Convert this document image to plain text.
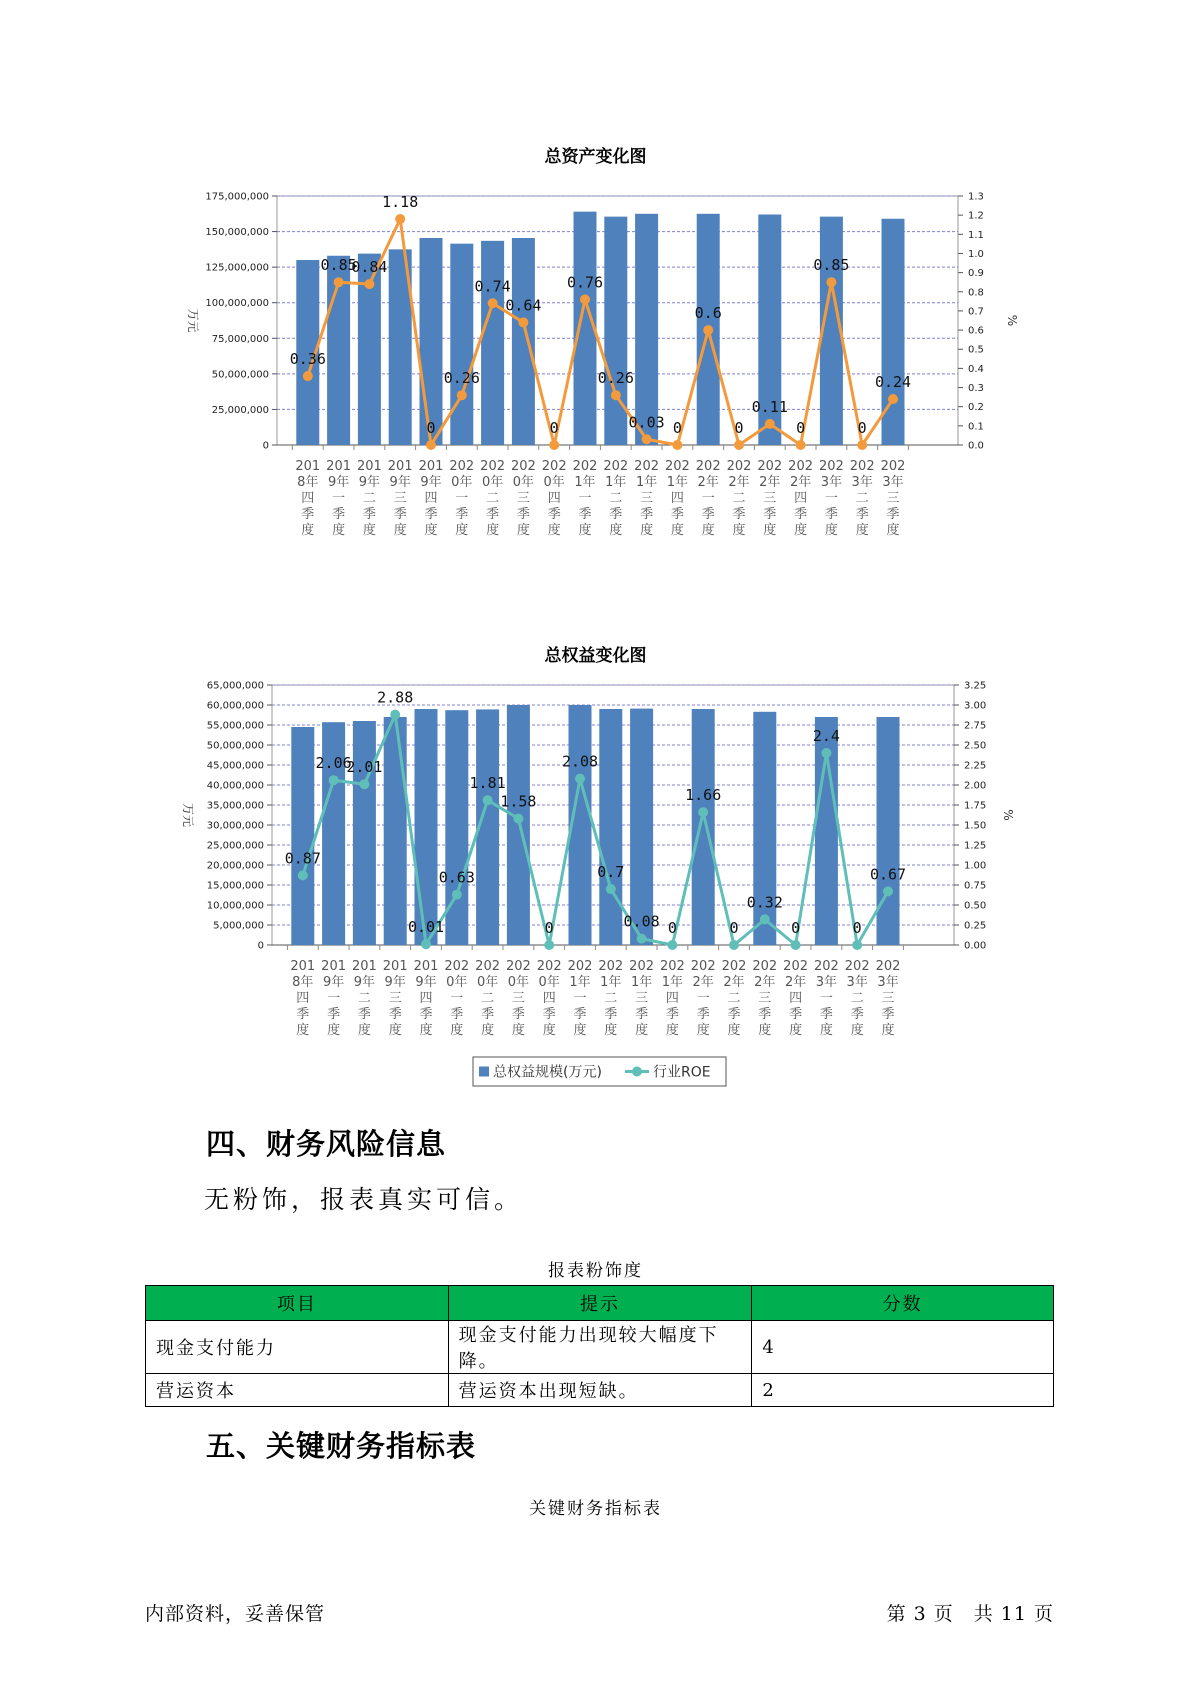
总资产变化图
0
25,000,000
50,000,000
75,000,000
100,000,000
125,000,000
150,000,000
175,000,000
0.0
0.1
0.2
0.3
0.4
0.5
0.6
0.7
0.8
0.9
1.0
1.1
1.2
1.3
万元	%
0.36
0.85
0.84
1.18
0
0.26
0.74
0.64
0
0.76
0.26
0.03 0
0.6
0
0.11
0
0.85
0
0.24
201
8年
四
季
度
201
9年
一
季
度
201
9年
二
季
度
201
9年
三
季
度
201
9年
四
季
度
202
0年
一
季
度
202
0年
二
季
度
202
0年
三
季
度
202
0年
四
季
度
202
1年
一
季
度
202
1年
二
季
度
202
1年
三
季
度
202
1年
四
季
度
202
2年
一
季
度
202
2年
二
季
度
202
2年
三
季
度
202
2年
四
季
度
202
3年
一
季
度
202
3年
二
季
度
202
3年
三
季
度
总权益变化图
0
5,000,000
10,000,000
15,000,000
20,000,000
25,000,000
30,000,000
35,000,000
40,000,000
45,000,000
50,000,000
55,000,000
60,000,000
65,000,000
0.00
0.25
0.50
0.75
1.00
1.25
1.50
1.75
2.00
2.25
2.50
2.75
3.00
3.25
万元	%
0.87
2.06
2.01
2.88
0.01
0.63
1.81
1.58
0
2.08
0.7
0.08 0
1.66
0
0.32
0
2.4
0
0.67
201
8年
四
季
度
201
9年
一
季
度
201
9年
二
季
度
201
9年
三
季
度
201
9年
四
季
度
202
0年
一
季
度
202
0年
二
季
度
202
0年
三
季
度
202
0年
四
季
度
202
1年
一
季
度
202
1年
二
季
度
202
1年
三
季
度
202
1年
四
季
度
202
2年
一
季
度
202
2年
二
季
度
202
2年
三
季
度
202
2年
四
季
度
202
3年
一
季
度
202
3年
二
季
度
202
3年
三
季
度
总权益规模(万元)	行业ROE
四、财务风险信息
无粉饰，报表真实可信。
报表粉饰度
项目	提示	分数
现金支付能力	现金支付能力出现较大幅度下降。	4
营运资本	营运资本出现短缺。	2
五、关键财务指标表
关键财务指标表
内部资料，妥善保管	第 3 页　共 11 页
